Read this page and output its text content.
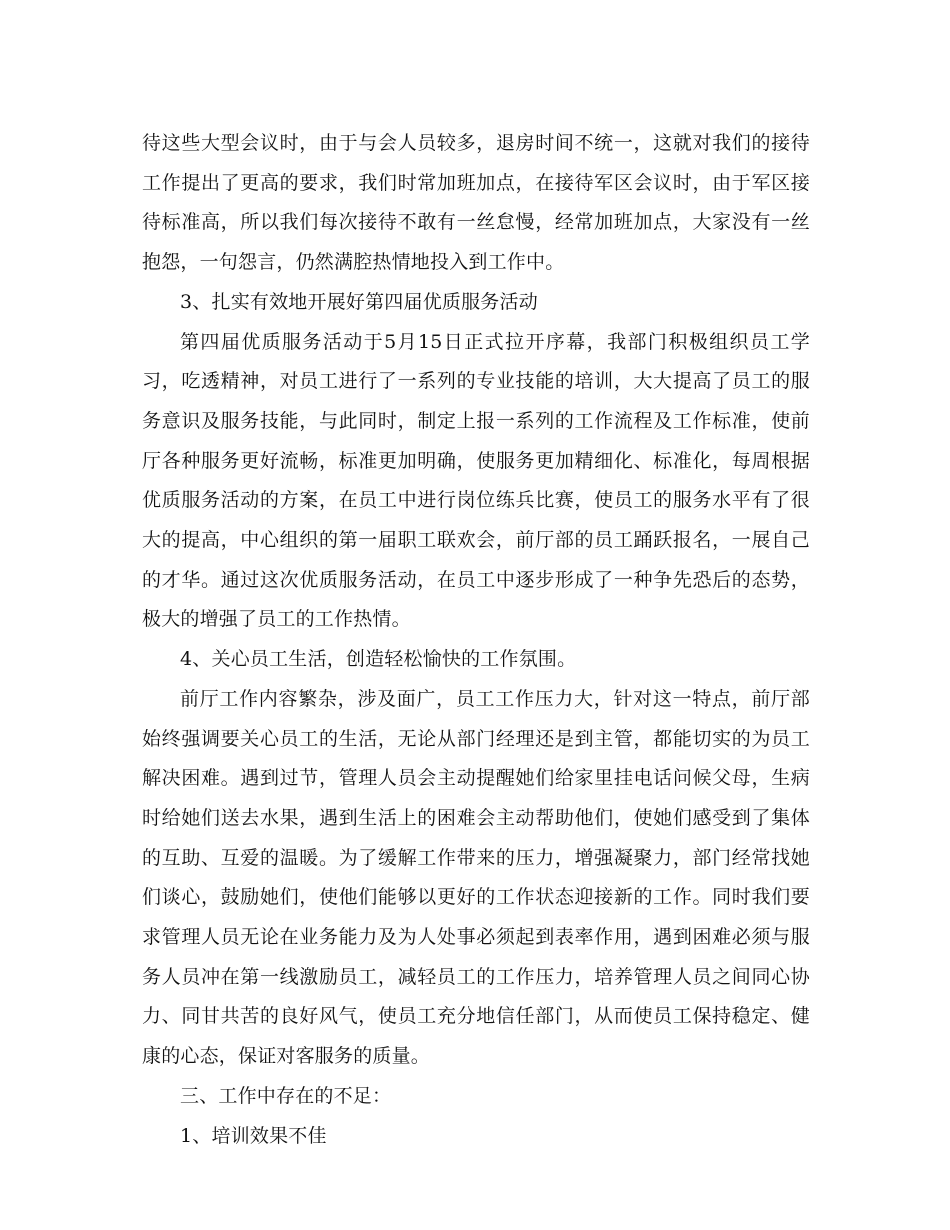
待这些大型会议时，由于与会人员较多，退房时间不统一，这就对我们的接待工作提出了更高的要求，我们时常加班加点，在接待军区会议时，由于军区接待标准高，所以我们每次接待不敢有一丝怠慢，经常加班加点，大家没有一丝抱怨，一句怨言，仍然满腔热情地投入到工作中。

3、扎实有效地开展好第四届优质服务活动

第四届优质服务活动于5月15日正式拉开序幕，我部门积极组织员工学习，吃透精神，对员工进行了一系列的专业技能的培训，大大提高了员工的服务意识及服务技能，与此同时，制定上报一系列的工作流程及工作标准，使前厅各种服务更好流畅，标准更加明确，使服务更加精细化、标准化，每周根据优质服务活动的方案，在员工中进行岗位练兵比赛，使员工的服务水平有了很大的提高，中心组织的第一届职工联欢会，前厅部的员工踊跃报名，一展自己的才华。通过这次优质服务活动，在员工中逐步形成了一种争先恐后的态势，极大的增强了员工的工作热情。

4、关心员工生活，创造轻松愉快的工作氛围。

前厅工作内容繁杂，涉及面广，员工工作压力大，针对这一特点，前厅部始终强调要关心员工的生活，无论从部门经理还是到主管，都能切实的为员工解决困难。遇到过节，管理人员会主动提醒她们给家里挂电话问候父母，生病时给她们送去水果，遇到生活上的困难会主动帮助他们，使她们感受到了集体的互助、互爱的温暖。为了缓解工作带来的压力，增强凝聚力，部门经常找她们谈心，鼓励她们，使他们能够以更好的工作状态迎接新的工作。同时我们要求管理人员无论在业务能力及为人处事必须起到表率作用，遇到困难必须与服务人员冲在第一线激励员工，减轻员工的工作压力，培养管理人员之间同心协力、同甘共苦的良好风气，使员工充分地信任部门，从而使员工保持稳定、健康的心态，保证对客服务的质量。

三、工作中存在的不足：

1、培训效果不佳
